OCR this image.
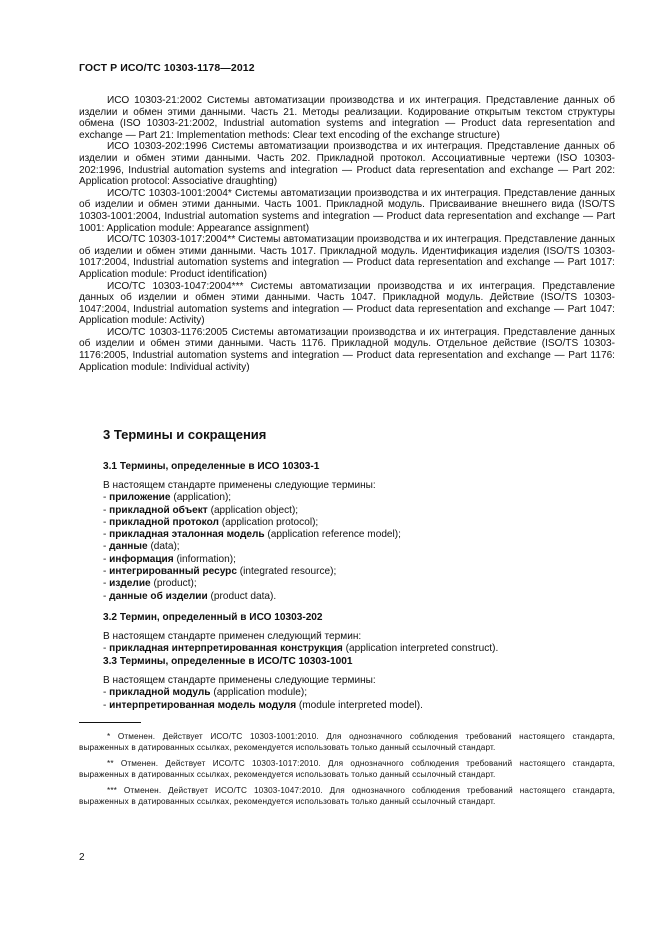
ГОСТ Р ИСО/ТС 10303-1178—2012

ИСО 10303-21:2002 Системы автоматизации производства и их интеграция. Представление данных об изделии и обмен этими данными. Часть 21. Методы реализации. Кодирование открытым текстом структуры обмена (ISO 10303-21:2002, Industrial automation systems and integration — Product data representation and exchange — Part 21: Implementation methods: Clear text encoding of the exchange structure)

ИСО 10303-202:1996 Системы автоматизации производства и их интеграция. Представление данных об изделии и обмен этими данными. Часть 202. Прикладной протокол. Ассоциативные чертежи (ISO 10303-202:1996, Industrial automation systems and integration — Product data representation and exchange — Part 202: Application protocol: Associative draughting)

ИСО/ТС 10303-1001:2004* Системы автоматизации производства и их интеграция. Представление данных об изделии и обмен этими данными. Часть 1001. Прикладной модуль. Присваивание внешнего вида (ISO/TS 10303-1001:2004, Industrial automation systems and integration — Product data representation and exchange — Part 1001: Application module: Appearance assignment)

ИСО/ТС 10303-1017:2004** Системы автоматизации производства и их интеграция. Представление данных об изделии и обмен этими данными. Часть 1017. Прикладной модуль. Идентификация изделия (ISO/TS 10303-1017:2004, Industrial automation systems and integration — Product data representation and exchange — Part 1017: Application module: Product identification)

ИСО/ТС 10303-1047:2004*** Системы автоматизации производства и их интеграция. Представление данных об изделии и обмен этими данными. Часть 1047. Прикладной модуль. Действие (ISO/TS 10303-1047:2004, Industrial automation systems and integration — Product data representation and exchange — Part 1047: Application module: Activity)

ИСО/ТС 10303-1176:2005 Системы автоматизации производства и их интеграция. Представление данных об изделии и обмен этими данными. Часть 1176. Прикладной модуль. Отдельное действие (ISO/TS 10303-1176:2005, Industrial automation systems and integration — Product data representation and exchange — Part 1176: Application module: Individual activity)

3 Термины и сокращения
3.1 Термины, определенные в ИСО 10303-1
В настоящем стандарте применены следующие термины:
- приложение (application);
- прикладной объект (application object);
- прикладной протокол (application protocol);
- прикладная эталонная модель (application reference model);
- данные (data);
- информация (information);
- интегрированный ресурс (integrated resource);
- изделие (product);
- данные об изделии (product data).
3.2 Термин, определенный в ИСО 10303-202
В настоящем стандарте применен следующий термин:
- прикладная интерпретированная конструкция (application interpreted construct).
3.3 Термины, определенные в ИСО/ТС 10303-1001
В настоящем стандарте применены следующие термины:
- прикладной модуль (application module);
- интерпретированная модель модуля (module interpreted model).

* Отменен. Действует ИСО/ТС 10303-1001:2010. Для однозначного соблюдения требований настоящего стандарта, выраженных в датированных ссылках, рекомендуется использовать только данный ссылочный стандарт.

** Отменен. Действует ИСО/ТС 10303-1017:2010. Для однозначного соблюдения требований настоящего стандарта, выраженных в датированных ссылках, рекомендуется использовать только данный ссылочный стандарт.

*** Отменен. Действует ИСО/ТС 10303-1047:2010. Для однозначного соблюдения требований настоящего стандарта, выраженных в датированных ссылках, рекомендуется использовать только данный ссылочный стандарт.

2
